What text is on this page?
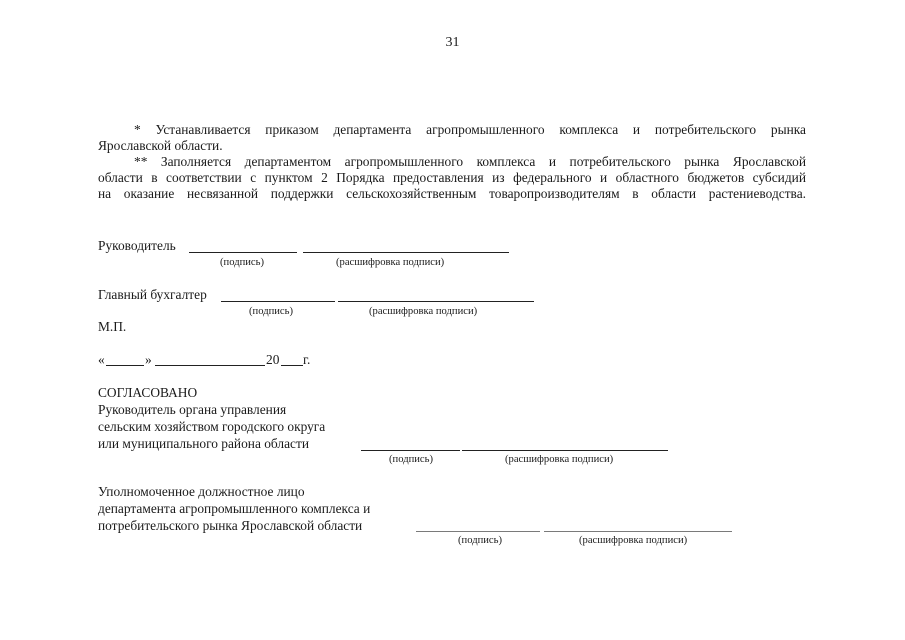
31
* Устанавливается приказом департамента агропромышленного комплекса и потребительского рынка
Ярославской области.
** Заполняется департаментом агропромышленного комплекса и потребительского рынка Ярославской
области в соответствии с пунктом 2 Порядка предоставления из федерального и областного бюджетов субсидий
на оказание несвязанной поддержки сельскохозяйственным товаропроизводителям в области растениеводства.
Руководитель
(подпись)	(расшифровка подписи)
Главный бухгалтер
(подпись)	(расшифровка подписи)
М.П.
«	»	20 г.
СОГЛАСОВАНО
Руководитель органа управления
сельским хозяйством городского округа
или муниципального района области
(подпись)	(расшифровка подписи)
Уполномоченное должностное лицо
департамента агропромышленного комплекса и
потребительского рынка Ярославской области
(подпись)	(расшифровка подписи)
